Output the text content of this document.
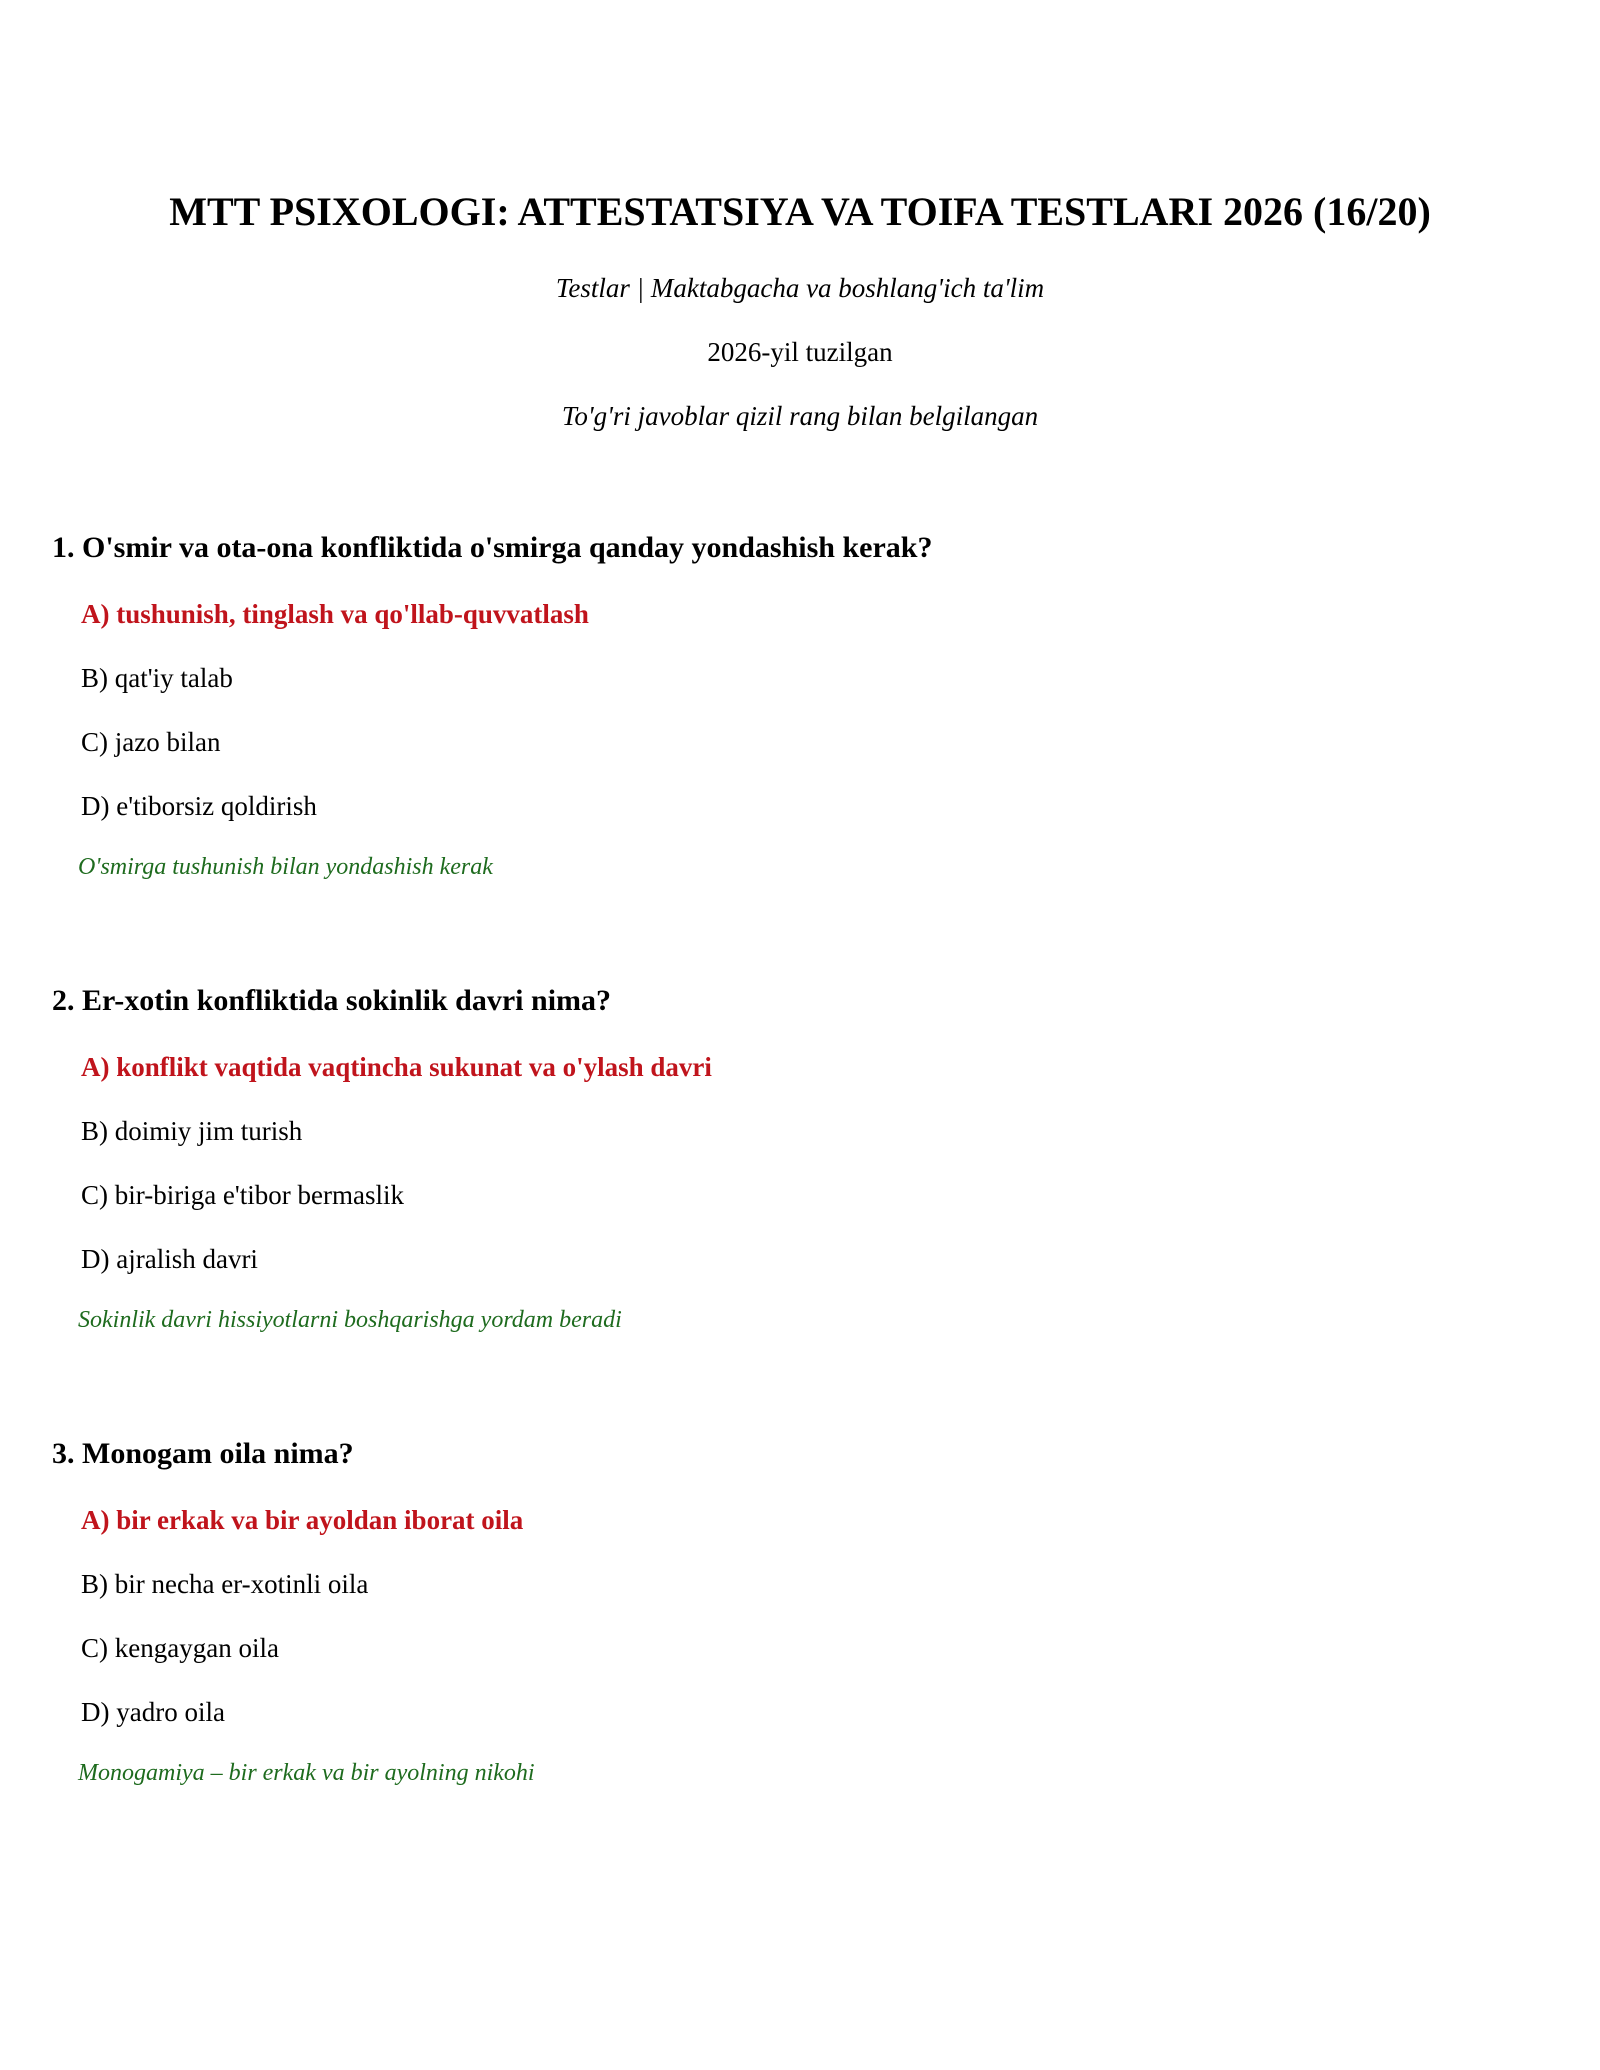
MTT PSIXOLOGI: ATTESTATSIYA VA TOIFA TESTLARI 2026 (16/20)

Testlar | Maktabgacha va boshlang'ich ta'lim

2026-yil tuzilgan

To'g'ri javoblar qizil rang bilan belgilangan

1. O'smir va ota-ona konfliktida o'smirga qanday yondashish kerak?

A) tushunish, tinglash va qo'llab-quvvatlash
B) qat'iy talab
C) jazo bilan
D) e'tiborsiz qoldirish

O'smirga tushunish bilan yondashish kerak

2. Er-xotin konfliktida sokinlik davri nima?

A) konflikt vaqtida vaqtincha sukunat va o'ylash davri
B) doimiy jim turish
C) bir-biriga e'tibor bermaslik
D) ajralish davri

Sokinlik davri hissiyotlarni boshqarishga yordam beradi

3. Monogam oila nima?

A) bir erkak va bir ayoldan iborat oila
B) bir necha er-xotinli oila
C) kengaygan oila
D) yadro oila

Monogamiya – bir erkak va bir ayolning nikohi
